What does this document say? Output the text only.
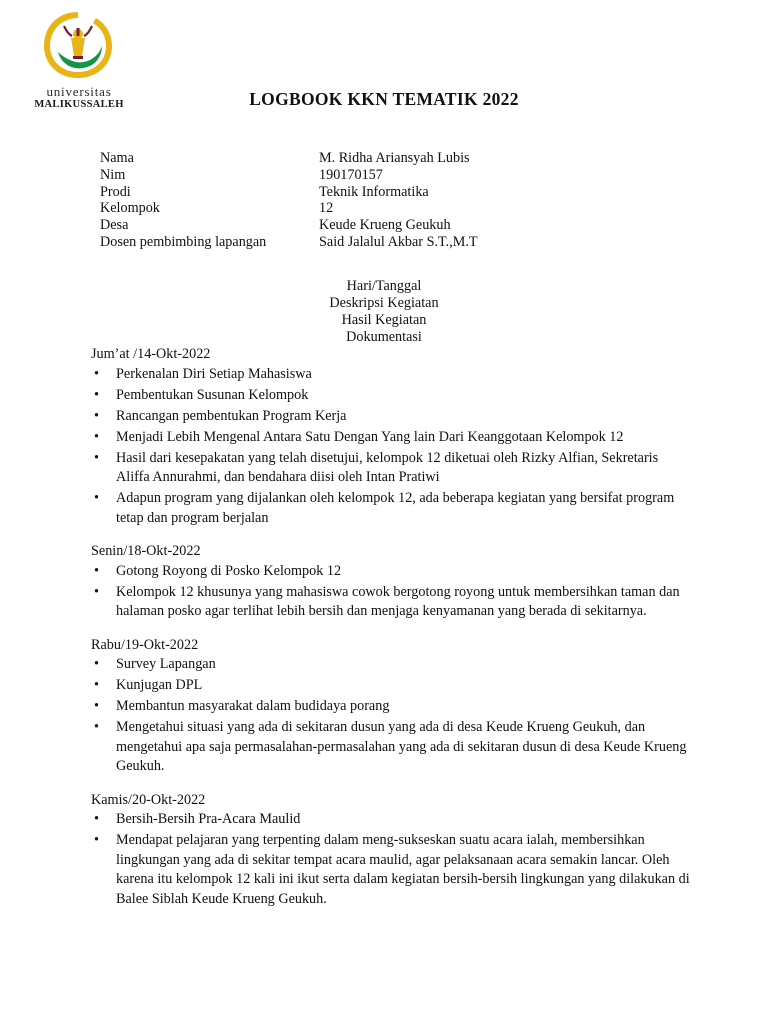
universitas
MALIKUSSALEH	LOGBOOK KKN TEMATIK 2022
Nama	M. Ridha Ariansyah Lubis
Nim	190170157
Prodi	Teknik Informatika
Kelompok	12
Desa	Keude Krueng Geukuh
Dosen pembimbing lapangan	Said Jalalul Akbar S.T.,M.T
Hari/Tanggal
Deskripsi Kegiatan
Hasil Kegiatan
Dokumentasi
Jum’at /14-Okt-2022
• Perkenalan Diri Setiap Mahasiswa
• Pembentukan Susunan Kelompok
• Rancangan pembentukan Program Kerja
• Menjadi Lebih Mengenal Antara Satu Dengan Yang lain Dari Keanggotaan Kelompok 12
• Hasil dari kesepakatan yang telah disetujui, kelompok 12 diketuai oleh Rizky Alfian, Sekretaris Aliffa Annurahmi, dan bendahara diisi oleh Intan Pratiwi
• Adapun program yang dijalankan oleh kelompok 12, ada beberapa kegiatan yang bersifat program tetap dan program berjalan
Senin/18-Okt-2022
• Gotong Royong di Posko Kelompok 12
• Kelompok 12 khusunya yang mahasiswa cowok bergotong royong untuk membersihkan taman dan halaman posko agar terlihat lebih bersih dan menjaga kenyamanan yang berada di sekitarnya.
Rabu/19-Okt-2022
• Survey Lapangan
• Kunjugan DPL
• Membantun masyarakat dalam budidaya porang
• Mengetahui situasi yang ada di sekitaran dusun yang ada di desa Keude Krueng Geukuh, dan mengetahui apa saja permasalahan-permasalahan yang ada di sekitaran dusun di desa Keude Krueng Geukuh.
Kamis/20-Okt-2022
• Bersih-Bersih Pra-Acara Maulid
• Mendapat pelajaran yang terpenting dalam meng-sukseskan suatu acara ialah, membersihkan lingkungan yang ada di sekitar tempat acara maulid, agar pelaksanaan acara semakin lancar. Oleh karena itu kelompok 12 kali ini ikut serta dalam kegiatan bersih-bersih lingkungan yang dilakukan di Balee Siblah Keude Krueng Geukuh.
